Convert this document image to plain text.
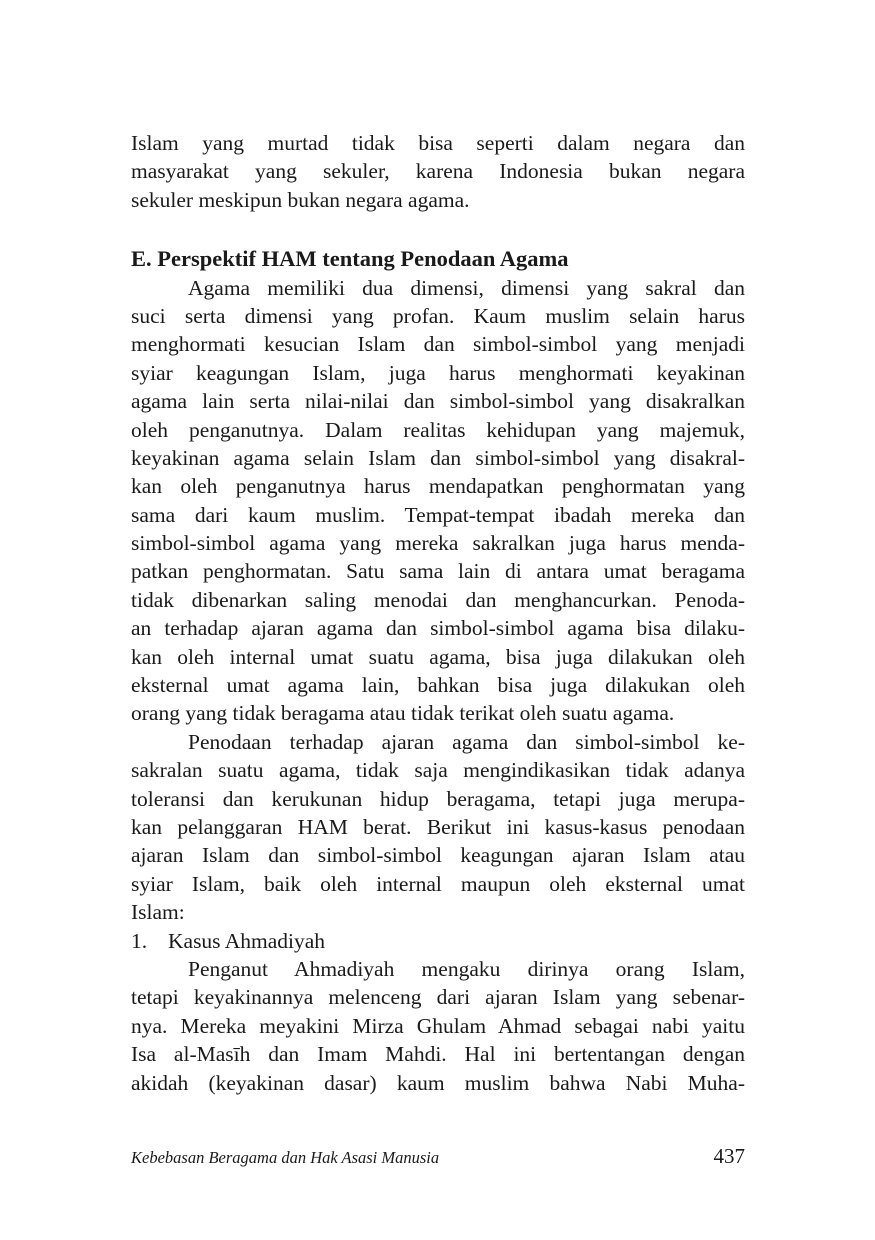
Islam yang murtad tidak bisa seperti dalam negara dan
masyarakat yang sekuler, karena Indonesia bukan negara
sekuler meskipun bukan negara agama.
E. Perspektif HAM tentang Penodaan Agama
Agama memiliki dua dimensi, dimensi yang sakral dan
suci serta dimensi yang profan. Kaum muslim selain harus
menghormati kesucian Islam dan simbol-simbol yang menjadi
syiar keagungan Islam, juga harus menghormati keyakinan
agama lain serta nilai-nilai dan simbol-simbol yang disakralkan
oleh penganutnya. Dalam realitas kehidupan yang majemuk,
keyakinan agama selain Islam dan simbol-simbol yang disakral-
kan oleh penganutnya harus mendapatkan penghormatan yang
sama dari kaum muslim. Tempat-tempat ibadah mereka dan
simbol-simbol agama yang mereka sakralkan juga harus menda-
patkan penghormatan. Satu sama lain di antara umat beragama
tidak dibenarkan saling menodai dan menghancurkan. Penoda-
an terhadap ajaran agama dan simbol-simbol agama bisa dilaku-
kan oleh internal umat suatu agama, bisa juga dilakukan oleh
eksternal umat agama lain, bahkan bisa juga dilakukan oleh
orang yang tidak beragama atau tidak terikat oleh suatu agama.
Penodaan terhadap ajaran agama dan simbol-simbol ke-
sakralan suatu agama, tidak saja mengindikasikan tidak adanya
toleransi dan kerukunan hidup beragama, tetapi juga merupa-
kan pelanggaran HAM berat. Berikut ini kasus-kasus penodaan
ajaran Islam dan simbol-simbol keagungan ajaran Islam atau
syiar Islam, baik oleh internal maupun oleh eksternal umat
Islam:
1. Kasus Ahmadiyah
Penganut Ahmadiyah mengaku dirinya orang Islam,
tetapi keyakinannya melenceng dari ajaran Islam yang sebenar-
nya. Mereka meyakini Mirza Ghulam Ahmad sebagai nabi yaitu
Isa al-Masīh dan Imam Mahdi. Hal ini bertentangan dengan
akidah (keyakinan dasar) kaum muslim bahwa Nabi Muha-
Kebebasan Beragama dan Hak Asasi Manusia	437
